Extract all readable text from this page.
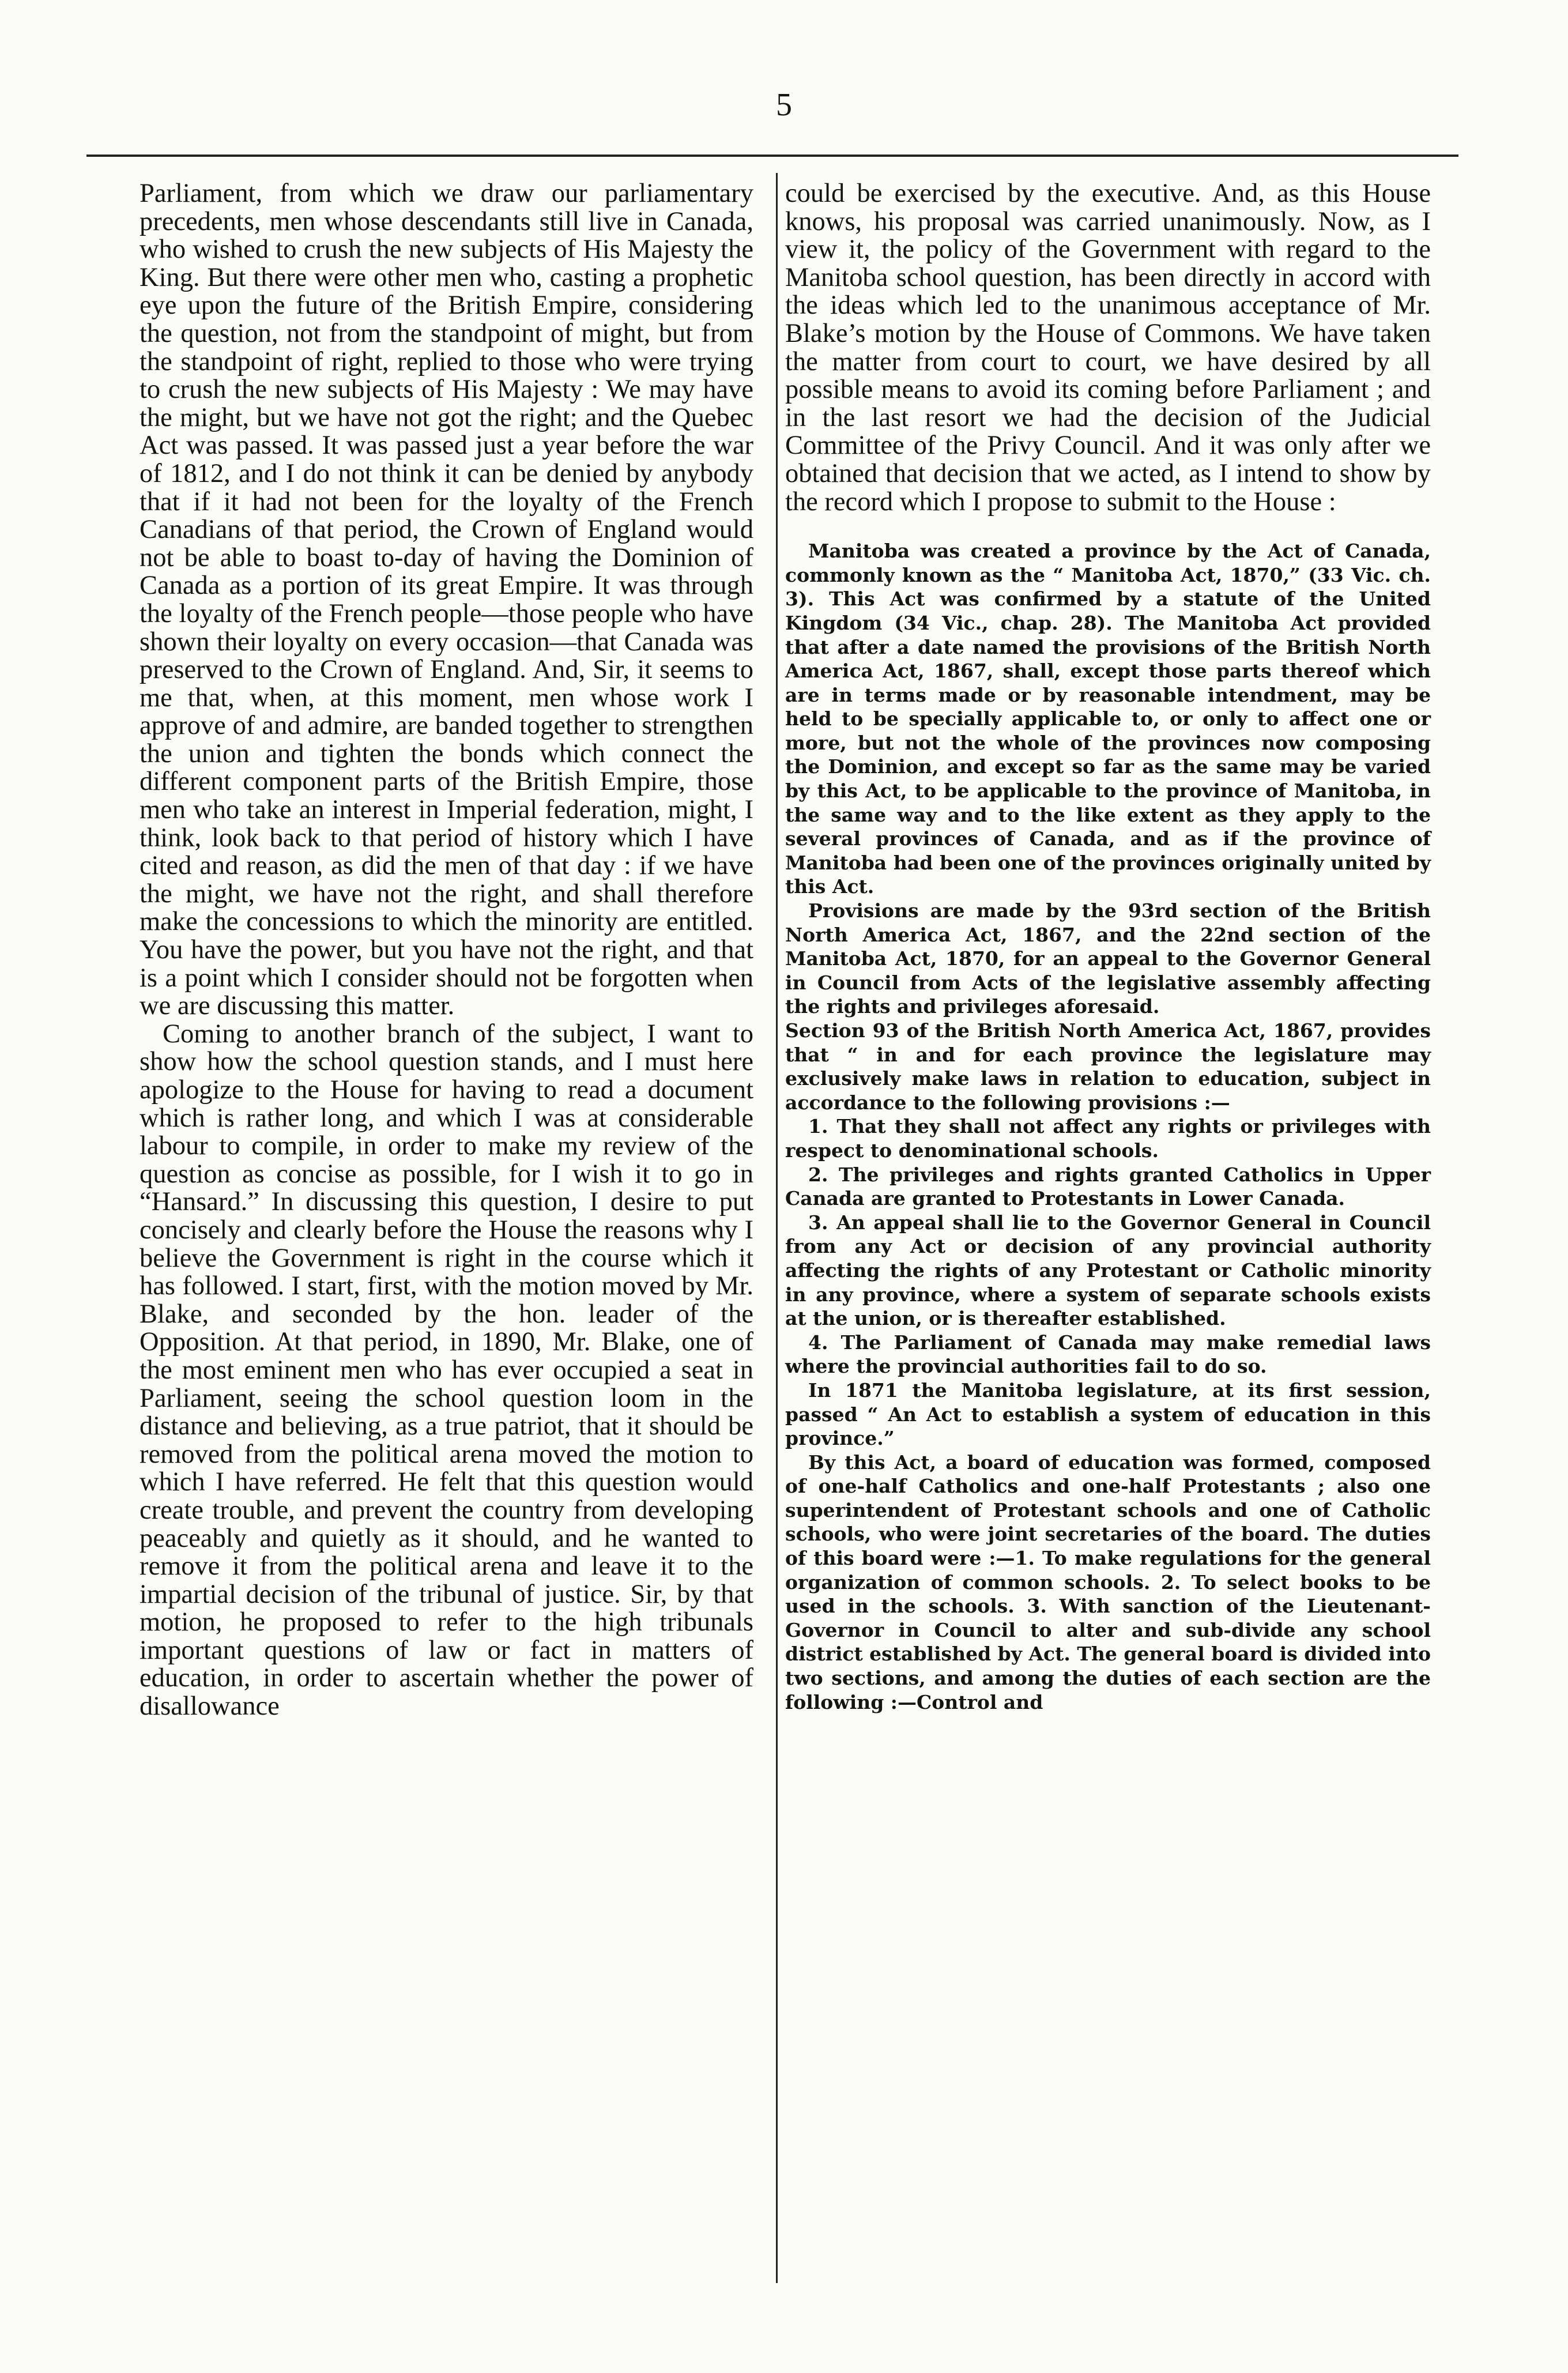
5

Parliament, from which we draw our parliamentary precedents, men whose descendants still live in Canada, who wished to crush the new subjects of His Majesty the King. But there were other men who, casting a prophetic eye upon the future of the British Empire, considering the question, not from the standpoint of might, but from the standpoint of right, replied to those who were trying to crush the new subjects of His Majesty : We may have the might, but we have not got the right; and the Quebec Act was passed. It was passed just a year before the war of 1812, and I do not think it can be denied by anybody that if it had not been for the loyalty of the French Canadians of that period, the Crown of England would not be able to boast to-day of having the Dominion of Canada as a portion of its great Empire. It was through the loyalty of the French people—those people who have shown their loyalty on every occasion—that Canada was preserved to the Crown of England. And, Sir, it seems to me that, when, at this moment, men whose work I approve of and admire, are banded together to strengthen the union and tighten the bonds which connect the different component parts of the British Empire, those men who take an interest in Imperial federation, might, I think, look back to that period of history which I have cited and reason, as did the men of that day : if we have the might, we have not the right, and shall therefore make the concessions to which the minority are entitled. You have the power, but you have not the right, and that is a point which I consider should not be forgotten when we are discussing this matter.

Coming to another branch of the subject, I want to show how the school question stands, and I must here apologize to the House for having to read a document which is rather long, and which I was at considerable labour to compile, in order to make my review of the question as concise as possible, for I wish it to go in “Hansard.” In discussing this question, I desire to put concisely and clearly before the House the reasons why I believe the Government is right in the course which it has followed. I start, first, with the motion moved by Mr. Blake, and seconded by the hon. leader of the Opposition. At that period, in 1890, Mr. Blake, one of the most eminent men who has ever occupied a seat in Parliament, seeing the school question loom in the distance and believing, as a true patriot, that it should be removed from the political arena moved the motion to which I have referred. He felt that this question would create trouble, and prevent the country from developing peaceably and quietly as it should, and he wanted to remove it from the political arena and leave it to the impartial decision of the tribunal of justice. Sir, by that motion, he proposed to refer to the high tribunals important questions of law or fact in matters of education, in order to ascertain whether the power of disallowance

could be exercised by the executive. And, as this House knows, his proposal was carried unanimously. Now, as I view it, the policy of the Government with regard to the Manitoba school question, has been directly in accord with the ideas which led to the unanimous acceptance of Mr. Blake’s motion by the House of Commons. We have taken the matter from court to court, we have desired by all possible means to avoid its coming before Parliament ; and in the last resort we had the decision of the Judicial Committee of the Privy Council. And it was only after we obtained that decision that we acted, as I intend to show by the record which I propose to submit to the House :

Manitoba was created a province by the Act of Canada, commonly known as the “ Manitoba Act, 1870,” (33 Vic. ch. 3). This Act was confirmed by a statute of the United Kingdom (34 Vic., chap. 28). The Manitoba Act provided that after a date named the provisions of the British North America Act, 1867, shall, except those parts thereof which are in terms made or by reasonable intendment, may be held to be specially applicable to, or only to affect one or more, but not the whole of the provinces now composing the Dominion, and except so far as the same may be varied by this Act, to be applicable to the province of Manitoba, in the same way and to the like extent as they apply to the several provinces of Canada, and as if the province of Manitoba had been one of the provinces originally united by this Act.

Provisions are made by the 93rd section of the British North America Act, 1867, and the 22nd section of the Manitoba Act, 1870, for an appeal to the Governor General in Council from Acts of the legislative assembly affecting the rights and privileges aforesaid.

Section 93 of the British North America Act, 1867, provides that “ in and for each province the legislature may exclusively make laws in relation to education, subject in accordance to the following provisions :—

1. That they shall not affect any rights or privileges with respect to denominational schools.

2. The privileges and rights granted Catholics in Upper Canada are granted to Protestants in Lower Canada.

3. An appeal shall lie to the Governor General in Council from any Act or decision of any provincial authority affecting the rights of any Protestant or Catholic minority in any province, where a system of separate schools exists at the union, or is thereafter established.

4. The Parliament of Canada may make remedial laws where the provincial authorities fail to do so.

In 1871 the Manitoba legislature, at its first session, passed “ An Act to establish a system of education in this province.”

By this Act, a board of education was formed, composed of one-half Catholics and one-half Protestants ; also one superintendent of Protestant schools and one of Catholic schools, who were joint secretaries of the board. The duties of this board were :—1. To make regulations for the general organization of common schools. 2. To select books to be used in the schools. 3. With sanction of the Lieutenant-Governor in Council to alter and sub-divide any school district established by Act. The general board is divided into two sections, and among the duties of each section are the following :—Control and
